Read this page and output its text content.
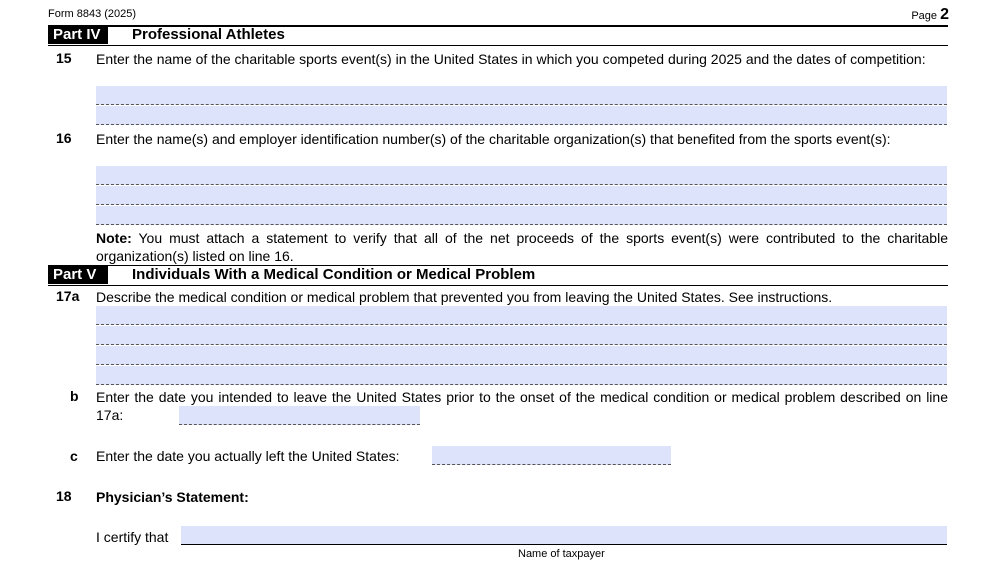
Form 8843 (2025)	Page 2
Part IV	Professional Athletes
15 Enter the name of the charitable sports event(s) in the United States in which you competed during 2025 and the dates of competition:
16 Enter the name(s) and employer identification number(s) of the charitable organization(s) that benefited from the sports event(s):
Note: You must attach a statement to verify that all of the net proceeds of the sports event(s) were contributed to the charitable organization(s) listed on line 16.
Part V	Individuals With a Medical Condition or Medical Problem
17a Describe the medical condition or medical problem that prevented you from leaving the United States. See instructions.
b Enter the date you intended to leave the United States prior to the onset of the medical condition or medical problem described on line 17a:
c Enter the date you actually left the United States:
18 Physician’s Statement:
I certify that
Name of taxpayer
